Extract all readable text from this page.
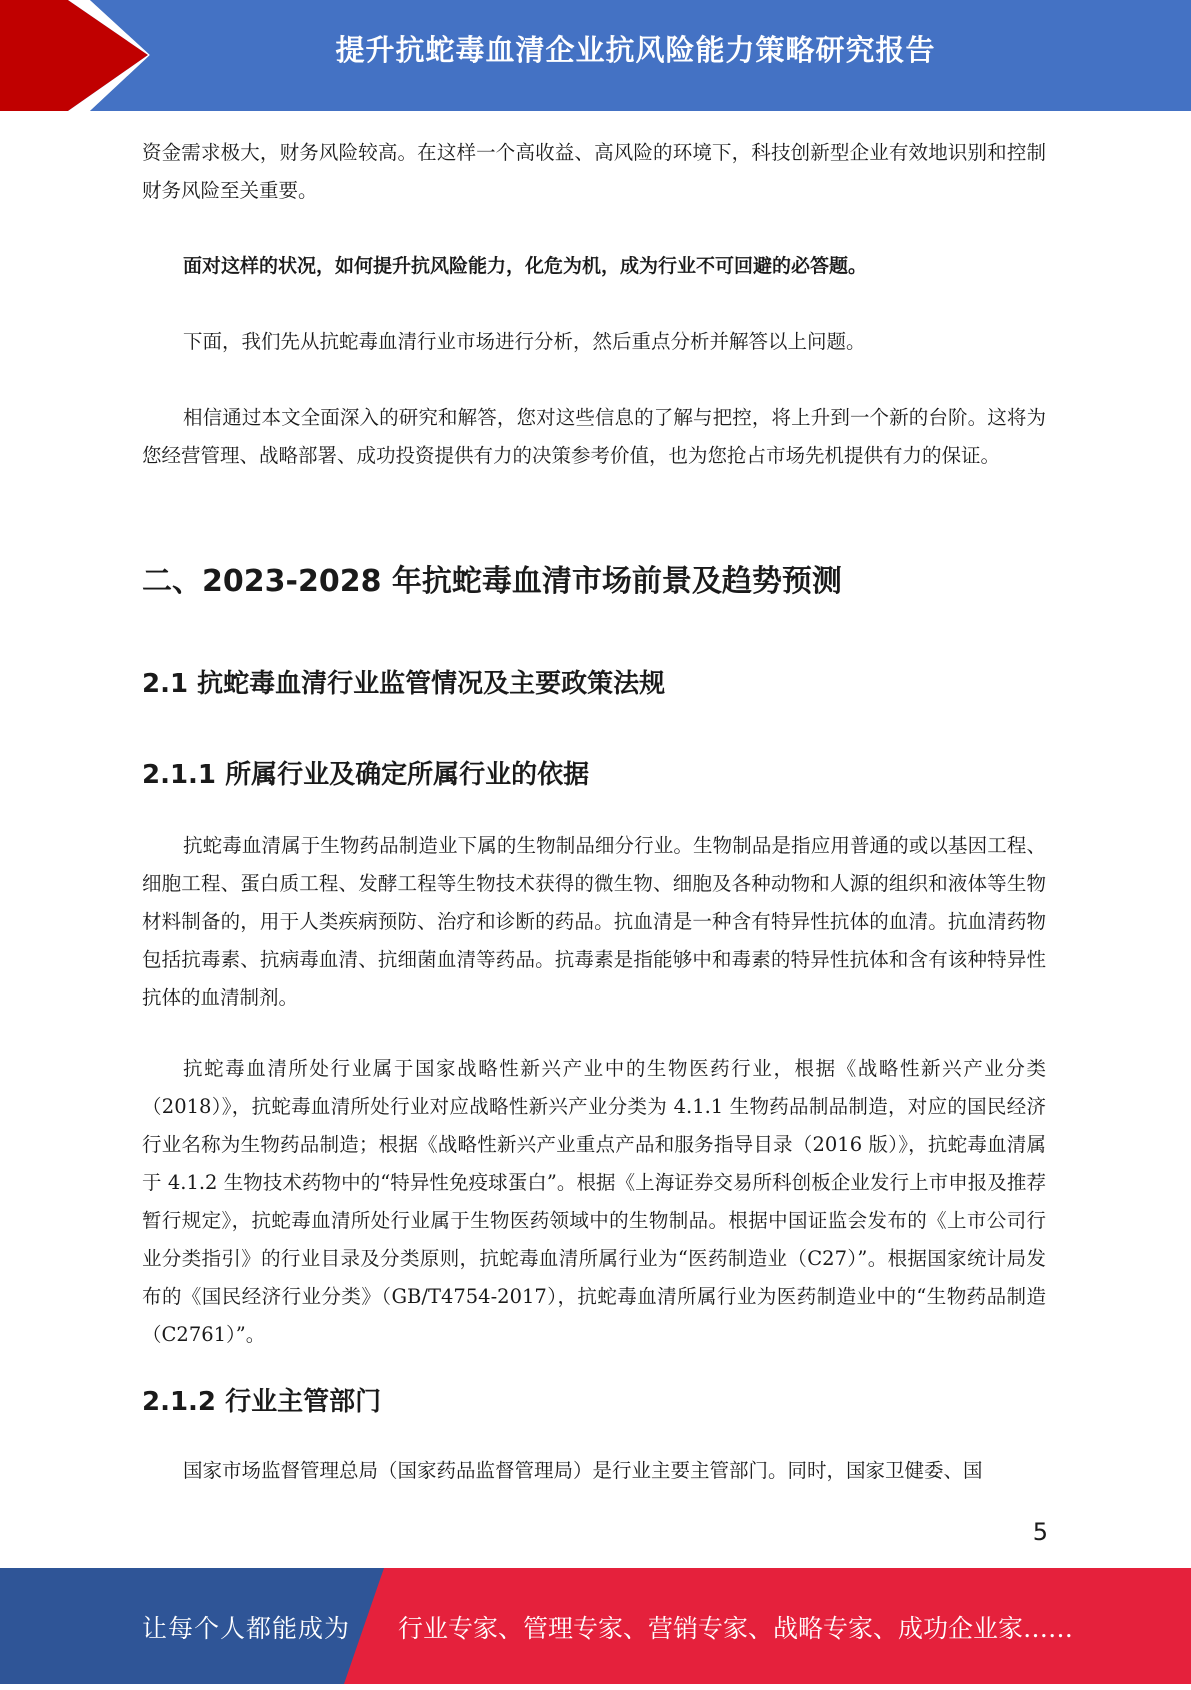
提升抗蛇毒血清企业抗风险能力策略研究报告

资金需求极大，财务风险较高。在这样一个高收益、高风险的环境下，科技创新型企业有效地识别和控制财务风险至关重要。

面对这样的状况，如何提升抗风险能力，化危为机，成为行业不可回避的必答题。

下面，我们先从抗蛇毒血清行业市场进行分析，然后重点分析并解答以上问题。

相信通过本文全面深入的研究和解答，您对这些信息的了解与把控，将上升到一个新的台阶。这将为您经营管理、战略部署、成功投资提供有力的决策参考价值，也为您抢占市场先机提供有力的保证。

二、2023-2028 年抗蛇毒血清市场前景及趋势预测
2.1 抗蛇毒血清行业监管情况及主要政策法规
2.1.1 所属行业及确定所属行业的依据

抗蛇毒血清属于生物药品制造业下属的生物制品细分行业。生物制品是指应用普通的或以基因工程、细胞工程、蛋白质工程、发酵工程等生物技术获得的微生物、细胞及各种动物和人源的组织和液体等生物材料制备的，用于人类疾病预防、治疗和诊断的药品。抗血清是一种含有特异性抗体的血清。抗血清药物包括抗毒素、抗病毒血清、抗细菌血清等药品。抗毒素是指能够中和毒素的特异性抗体和含有该种特异性抗体的血清制剂。

抗蛇毒血清所处行业属于国家战略性新兴产业中的生物医药行业，根据《战略性新兴产业分类（2018）》，抗蛇毒血清所处行业对应战略性新兴产业分类为 4.1.1 生物药品制品制造，对应的国民经济行业名称为生物药品制造；根据《战略性新兴产业重点产品和服务指导目录（2016 版）》，抗蛇毒血清属于 4.1.2 生物技术药物中的“特异性免疫球蛋白”。根据《上海证券交易所科创板企业发行上市申报及推荐暂行规定》，抗蛇毒血清所处行业属于生物医药领域中的生物制品。根据中国证监会发布的《上市公司行业分类指引》的行业目录及分类原则，抗蛇毒血清所属行业为“医药制造业（C27）”。根据国家统计局发布的《国民经济行业分类》（GB/T4754-2017），抗蛇毒血清所属行业为医药制造业中的“生物药品制造（C2761）”。

2.1.2 行业主管部门

国家市场监督管理总局（国家药品监督管理局）是行业主要主管部门。同时，国家卫健委、国

5
让每个人都能成为 行业专家、管理专家、营销专家、战略专家、成功企业家……
